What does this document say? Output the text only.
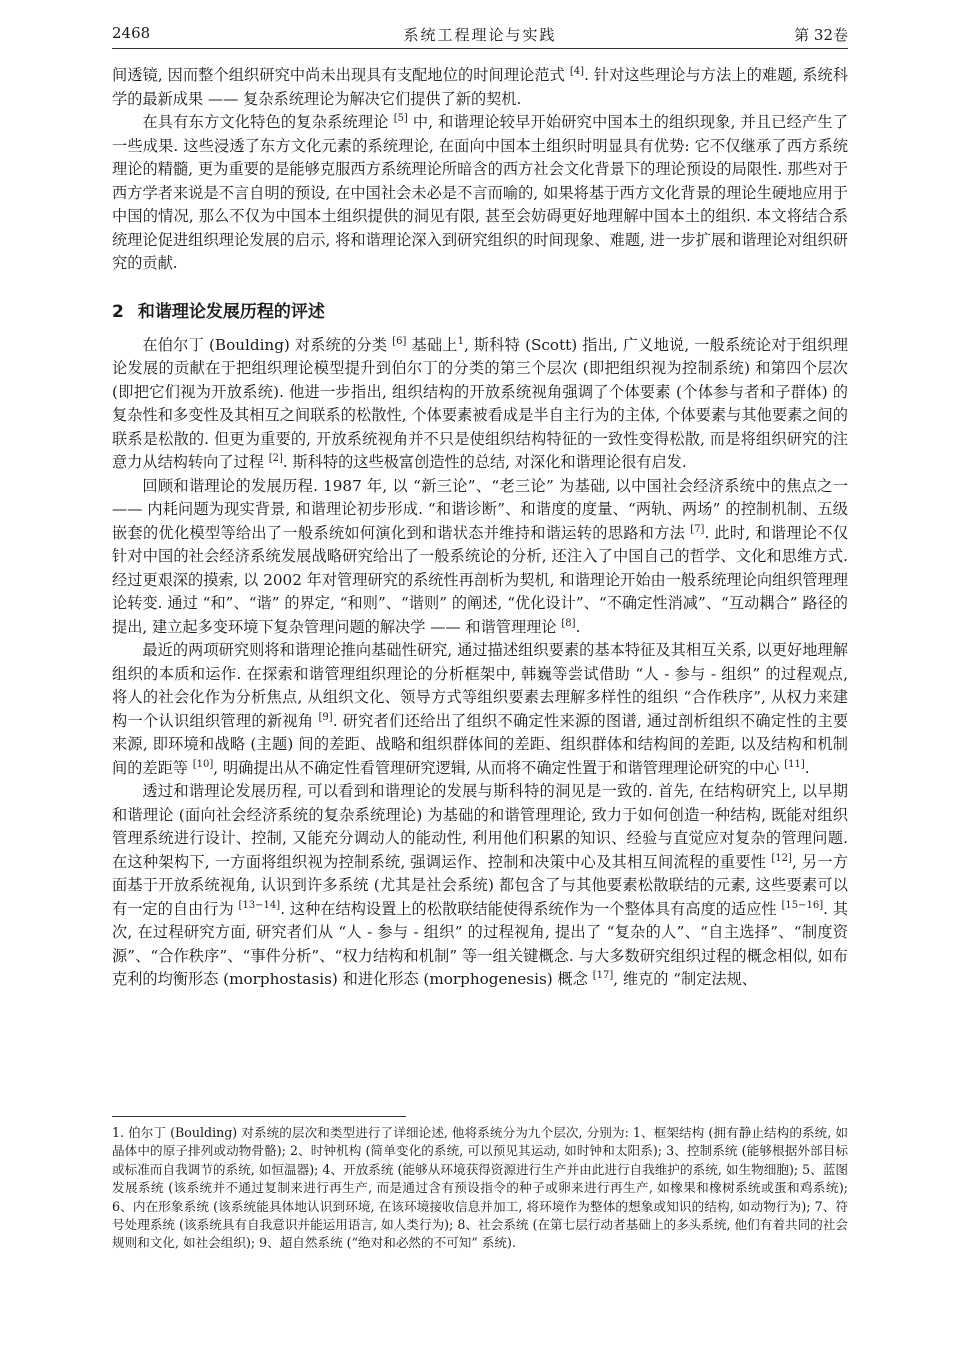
2468	系统工程理论与实践	第 32卷

间透镜, 因而整个组织研究中尚未出现具有支配地位的时间理论范式 [4]. 针对这些理论与方法上的难题, 系统科学的最新成果 —— 复杂系统理论为解决它们提供了新的契机.

在具有东方文化特色的复杂系统理论 [5] 中, 和谐理论较早开始研究中国本土的组织现象, 并且已经产生了一些成果. 这些浸透了东方文化元素的系统理论, 在面向中国本土组织时明显具有优势: 它不仅继承了西方系统理论的精髓, 更为重要的是能够克服西方系统理论所暗含的西方社会文化背景下的理论预设的局限性. 那些对于西方学者来说是不言自明的预设, 在中国社会未必是不言而喻的, 如果将基于西方文化背景的理论生硬地应用于中国的情况, 那么不仅为中国本土组织提供的洞见有限, 甚至会妨碍更好地理解中国本土的组织. 本文将结合系统理论促进组织理论发展的启示, 将和谐理论深入到研究组织的时间现象、难题, 进一步扩展和谐理论对组织研究的贡献.

2 和谐理论发展历程的评述

在伯尔丁 (Boulding) 对系统的分类 [6] 基础上$^1$, 斯科特 (Scott) 指出, 广义地说, 一般系统论对于组织理论发展的贡献在于把组织理论模型提升到伯尔丁的分类的第三个层次 (即把组织视为控制系统) 和第四个层次 (即把它们视为开放系统). 他进一步指出, 组织结构的开放系统视角强调了个体要素 (个体参与者和子群体) 的复杂性和多变性及其相互之间联系的松散性, 个体要素被看成是半自主行为的主体, 个体要素与其他要素之间的联系是松散的. 但更为重要的, 开放系统视角并不只是使组织结构特征的一致性变得松散, 而是将组织研究的注意力从结构转向了过程 [2]. 斯科特的这些极富创造性的总结, 对深化和谐理论很有启发.

回顾和谐理论的发展历程. 1987 年, 以 “新三论”、“老三论” 为基础, 以中国社会经济系统中的焦点之一 —— 内耗问题为现实背景, 和谐理论初步形成. “和谐诊断”、和谐度的度量、“两轨、两场” 的控制机制、五级嵌套的优化模型等给出了一般系统如何演化到和谐状态并维持和谐运转的思路和方法 [7]. 此时, 和谐理论不仅针对中国的社会经济系统发展战略研究给出了一般系统论的分析, 还注入了中国自己的哲学、文化和思维方式. 经过更艰深的摸索, 以 2002 年对管理研究的系统性再剖析为契机, 和谐理论开始由一般系统理论向组织管理理论转变. 通过 “和”、“谐” 的界定, “和则”、“谐则” 的阐述, “优化设计”、“不确定性消减”、“互动耦合” 路径的提出, 建立起多变环境下复杂管理问题的解决学 —— 和谐管理理论 [8].

最近的两项研究则将和谐理论推向基础性研究, 通过描述组织要素的基本特征及其相互关系, 以更好地理解组织的本质和运作. 在探索和谐管理组织理论的分析框架中, 韩巍等尝试借助 “人 - 参与 - 组织” 的过程观点, 将人的社会化作为分析焦点, 从组织文化、领导方式等组织要素去理解多样性的组织 “合作秩序”, 从权力来建构一个认识组织管理的新视角 [9]. 研究者们还给出了组织不确定性来源的图谱, 通过剖析组织不确定性的主要来源, 即环境和战略 (主题) 间的差距、战略和组织群体间的差距、组织群体和结构间的差距, 以及结构和机制间的差距等 [10], 明确提出从不确定性看管理研究逻辑, 从而将不确定性置于和谐管理理论研究的中心 [11].

透过和谐理论发展历程, 可以看到和谐理论的发展与斯科特的洞见是一致的. 首先, 在结构研究上, 以早期和谐理论 (面向社会经济系统的复杂系统理论) 为基础的和谐管理理论, 致力于如何创造一种结构, 既能对组织管理系统进行设计、控制, 又能充分调动人的能动性, 利用他们积累的知识、经验与直觉应对复杂的管理问题. 在这种架构下, 一方面将组织视为控制系统, 强调运作、控制和决策中心及其相互间流程的重要性 [12], 另一方面基于开放系统视角, 认识到许多系统 (尤其是社会系统) 都包含了与其他要素松散联结的元素, 这些要素可以有一定的自由行为 [13−14]. 这种在结构设置上的松散联结能使得系统作为一个整体具有高度的适应性 [15−16]. 其次, 在过程研究方面, 研究者们从 “人 - 参与 - 组织” 的过程视角, 提出了 “复杂的人”、“自主选择”、“制度资源”、“合作秩序”、“事件分析”、“权力结构和机制” 等一组关键概念. 与大多数研究组织过程的概念相似, 如布克利的均衡形态 (morphostasis) 和进化形态 (morphogenesis) 概念 [17], 维克的 “制定法规、

1. 伯尔丁 (Boulding) 对系统的层次和类型进行了详细论述, 他将系统分为九个层次, 分别为: 1、框架结构 (拥有静止结构的系统, 如晶体中的原子排列或动物骨骼); 2、时钟机构 (简单变化的系统, 可以预见其运动, 如时钟和太阳系); 3、控制系统 (能够根据外部目标或标准而自我调节的系统, 如恒温器); 4、开放系统 (能够从环境获得资源进行生产并由此进行自我维护的系统, 如生物细胞); 5、蓝图发展系统 (该系统并不通过复制来进行再生产, 而是通过含有预设指令的种子或卵来进行再生产, 如橡果和橡树系统或蛋和鸡系统); 6、内在形象系统 (该系统能具体地认识到环境, 在该环境接收信息并加工, 将环境作为整体的想象或知识的结构, 如动物行为); 7、符号处理系统 (该系统具有自我意识并能运用语言, 如人类行为); 8、社会系统 (在第七层行动者基础上的多头系统, 他们有着共同的社会规则和文化, 如社会组织); 9、超自然系统 (“绝对和必然的不可知” 系统).
